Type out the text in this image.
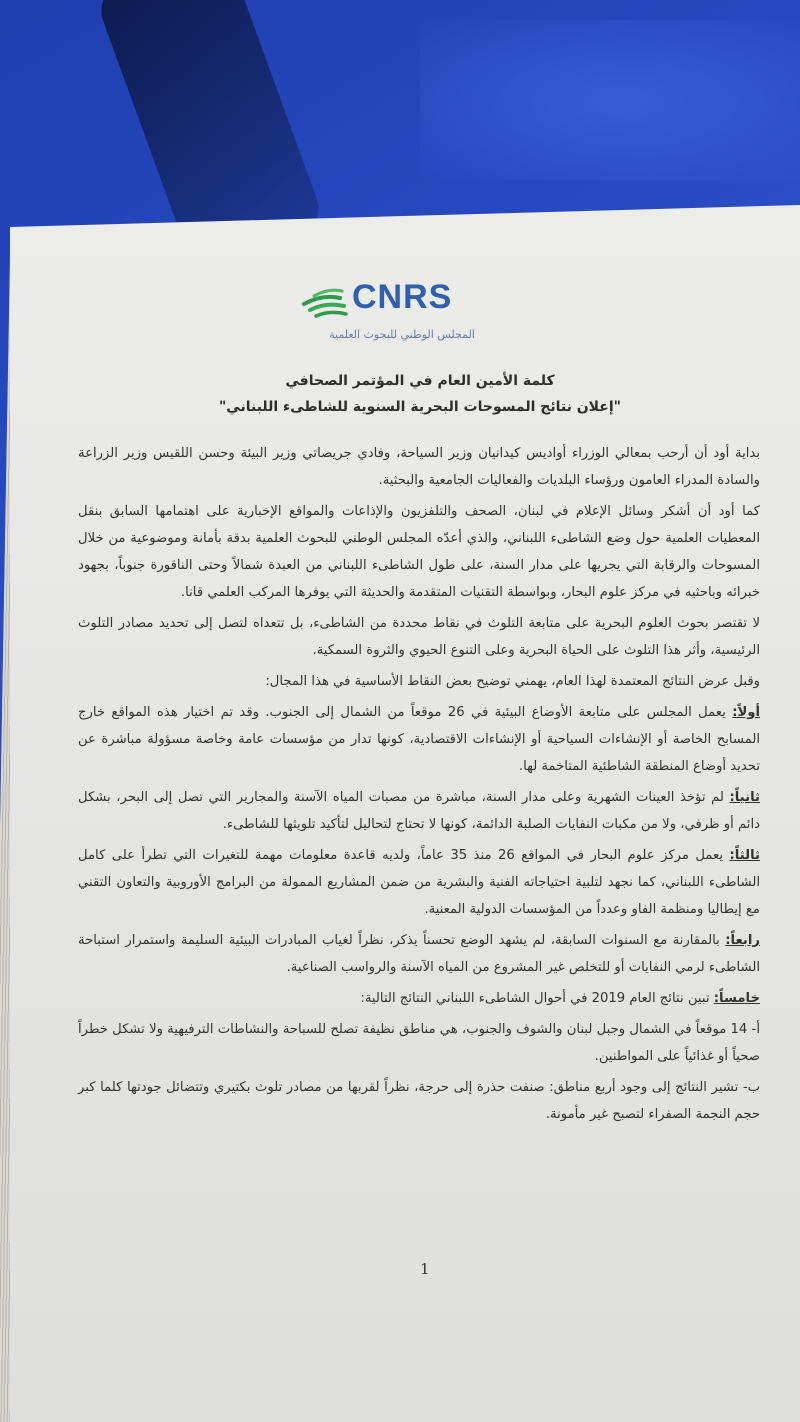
CNRS
المجلس الوطني للبحوث العلمية
كلمة الأمين العام في المؤتمر الصحافي
"إعلان نتائج المسوحات البحرية السنوية للشاطىء اللبناني"

بداية أود أن أرحب بمعالي الوزراء أواديس كيدانيان وزير السياحة، وفادي جريصاتي وزير البيئة وحسن اللقيس وزير الزراعة والسادة المدراء العامون ورؤساء البلديات والفعاليات الجامعية والبحثية.

كما أود أن أشكر وسائل الإعلام في لبنان، الصحف والتلفزيون والإذاعات والمواقع الإخبارية على اهتمامها السابق بنقل المعطيات العلمية حول وضع الشاطىء اللبناني، والذي أعدّه المجلس الوطني للبحوث العلمية بدقة بأمانة وموضوعية من خلال المسوحات والرقابة التي يجريها على مدار السنة، على طول الشاطىء اللبناني من العبدة شمالاً وحتى الناقورة جنوباً، بجهود خبرائه وباحثيه في مركز علوم البحار، وبواسطة التقنيات المتقدمة والحديثة التي يوفرها المركب العلمي قانا.

لا تقتصر بحوث العلوم البحرية على متابعة التلوث في نقاط محددة من الشاطىء، بل تتعداه لتصل إلى تحديد مصادر التلوث الرئيسية، وأثر هذا التلوث على الحياة البحرية وعلى التنوع الحيوي والثروة السمكية.

وقبل عرض النتائج المعتمدة لهذا العام، يهمني توضيح بعض النقاط الأساسية في هذا المجال:

أولاً: يعمل المجلس على متابعة الأوضاع البيئية في 26 موقعاً من الشمال إلى الجنوب. وقد تم اختيار هذه المواقع خارج المسابح الخاصة أو الإنشاءات السياحية أو الإنشاءات الاقتصادية، كونها تدار من مؤسسات عامة وخاصة مسؤولة مباشرة عن تحديد أوضاع المنطقة الشاطئية المتاخمة لها.

ثانياً: لم تؤخذ العينات الشهرية وعلى مدار السنة، مباشرة من مصبات المياه الآسنة والمجارير التي تصل إلى البحر، بشكل دائم أو ظرفي، ولا من مكبات النفايات الصلبة الدائمة، كونها لا تحتاج لتحاليل لتأكيد تلويثها للشاطىء.

ثالثاً: يعمل مركز علوم البحار في المواقع 26 منذ 35 عاماً، ولديه قاعدة معلومات مهمة للتغيرات التي تطرأ على كامل الشاطىء اللبناني، كما نجهد لتلبية احتياجاته الفنية والبشرية من ضمن المشاريع الممولة من البرامج الأوروبية والتعاون التقني مع إيطاليا ومنظمة الفاو وعدداً من المؤسسات الدولية المعنية.

رابعاً: بالمقارنة مع السنوات السابقة، لم يشهد الوضع تحسناً يذكر، نظراً لغياب المبادرات البيئية السليمة واستمرار استباحة الشاطىء لرمي النفايات أو للتخلص غير المشروع من المياه الآسنة والرواسب الصناعية.

خامساً: تبين نتائج العام 2019 في أحوال الشاطىء اللبناني النتائج التالية:

أ- 14 موقعاً في الشمال وجبل لبنان والشوف والجنوب، هي مناطق نظيفة تصلح للسباحة والنشاطات الترفيهية ولا تشكل خطراً صحياً أو غذائياً على المواطنين.

ب- تشير النتائج إلى وجود أربع مناطق: صنفت حذرة إلى حرجة، نظراً لقربها من مصادر تلوث بكتيري وتتضائل جودتها كلما كبر حجم النجمة الصفراء لتصبح غير مأمونة.

1
